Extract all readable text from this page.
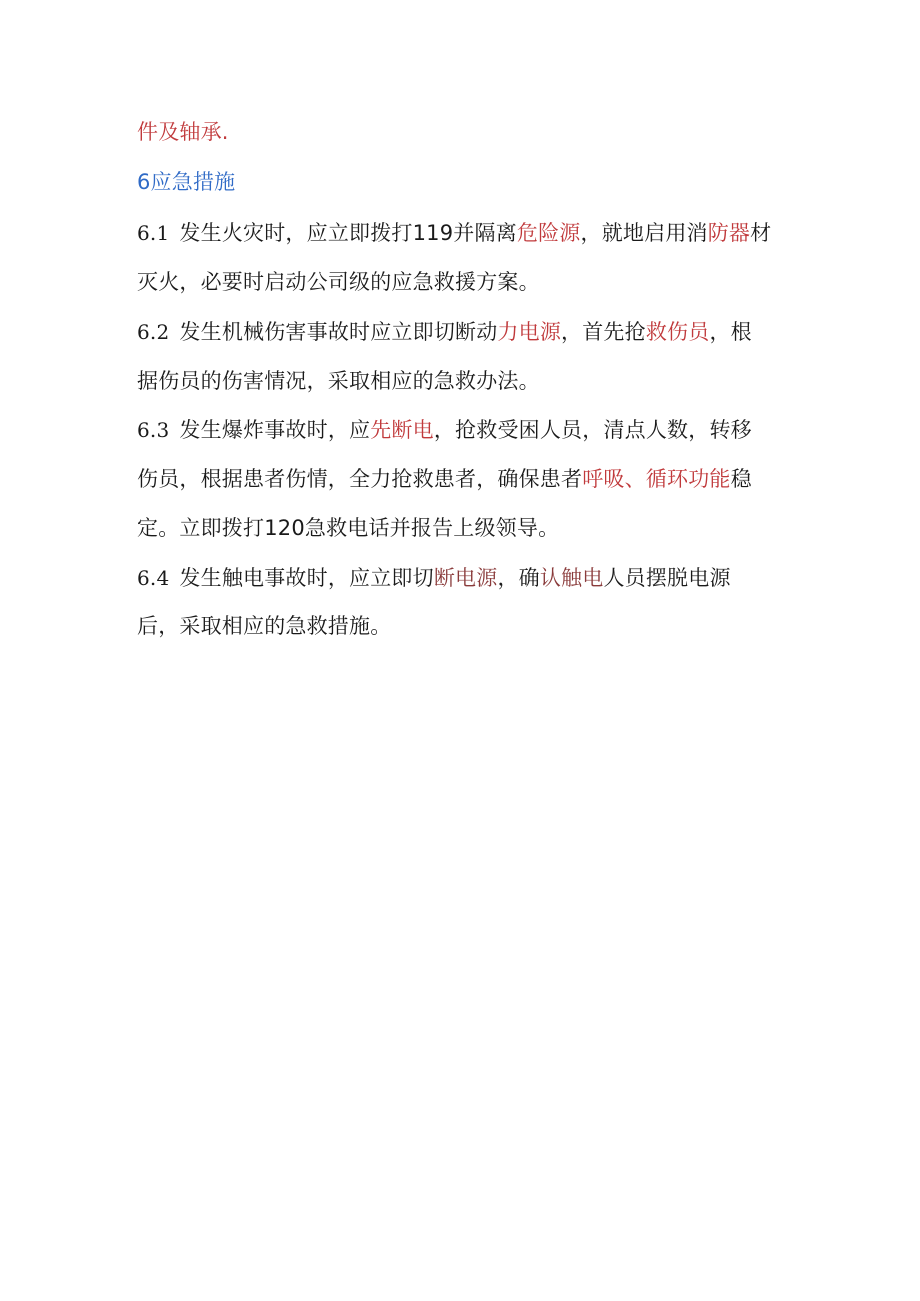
件及轴承.
6应急措施
6.1 发生火灾时，应立即拨打119并隔离危险源，就地启用消防器材
灭火，必要时启动公司级的应急救援方案。
6.2 发生机械伤害事故时应立即切断动力电源，首先抢救伤员，根
据伤员的伤害情况，采取相应的急救办法。
6.3 发生爆炸事故时，应先断电，抢救受困人员，清点人数，转移
伤员，根据患者伤情，全力抢救患者，确保患者呼吸、循环功能稳
定。立即拨打120急救电话并报告上级领导。
6.4 发生触电事故时，应立即切断电源，确认触电人员摆脱电源
后，采取相应的急救措施。
